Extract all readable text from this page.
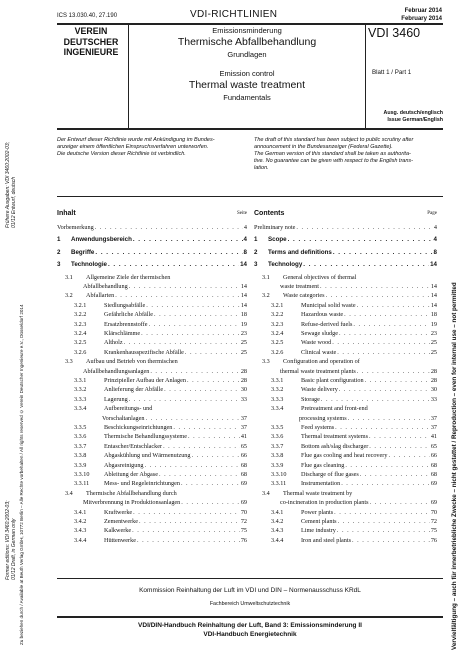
Frühere Ausgaben: VDI 3460:2002-03; 01/12 Entwurf, deutsch
Former editions: VDI 3460:2002-03; 01/12 Draft, in German only Zu beziehen durch / Available at Beuth Verlag GmbH, 10772 Berlin – Alle Rechte vorbehalten / All rights reserved © Verein Deutscher Ingenieure e.V., Düsseldorf 2014	Vervielfältigung – auch für innerbetriebliche Zwecke – nicht gestattet / Reproduction – even for internal use – not permitted
ICS 13.030.40, 27.190	VDI-RICHTLINIEN	Februar 2014
February 2014
VEREIN
DEUTSCHER
INGENIEURE
Emissionsminderung
Thermische Abfallbehandlung
Grundlagen
Emission control
Thermal waste treatment
Fundamentals
VDI 3460
Blatt 1 / Part 1
Ausg. deutsch/englisch
Issue German/English
Der Entwurf dieser Richtlinie wurde mit Ankündigung im Bundes-
anzeiger einem öffentlichen Einspruchsverfahren unterworfen.
Die deutsche Version dieser Richtlinie ist verbindlich.
The draft of this standard has been subject to public scrutiny after
announcement in the Bundesanzeiger (Federal Gazette).
The German version of this standard shall be taken as authorita-
tive. No guarantee can be given with respect to the English trans-
lation.
Inhalt	Seite Contents	Page
Vorbemerkung . . .	4
1	Anwendungsbereich . . .	4
2	Begriffe . . .	8
3	Technologie . . .	14
3.1	Allgemeine Ziele der thermischen
Abfallbehandlung . . .	14
3.2	Abfallarten . . .	14
3.2.1	Siedlungsabfälle . . .	14
3.2.2	Gefährliche Abfälle . . .	18
3.2.3	Ersatzbrennstoffe . . .	19
3.2.4	Klärschlämme . . .	23
3.2.5	Altholz . . .	25
3.2.6	Krankenhausspezifische Abfälle . . .	25
3.3	Aufbau und Betrieb von thermischen
Abfallbehandlungsanlagen . . .	28
3.3.1	Prinzipieller Aufbau der Anlagen . . .	28
3.3.2	Anlieferung der Abfälle . . .	30
3.3.3	Lagerung . . .	33
3.3.4	Aufbereitungs- und
Vorschaltanlagen . . .	37
3.3.5	Beschickungseinrichtungen . . .	37
3.3.6	Thermische Behandlungssysteme . . .	41
3.3.7	Entascher/Entschlacker . . .	65
3.3.8	Abgaskühlung und Wärmenutzung . . .	66
3.3.9	Abgasreinigung . . .	68
3.3.10	Ableitung der Abgase . . .	68
3.3.11	Mess- und Regeleinrichtungen . . .	69
3.4	Thermische Abfallbehandlung durch
Mitverbrennung in Produktionsanlagen . . .	69
3.4.1	Kraftwerke . . .	70
3.4.2	Zementwerke . . .	72
3.4.3	Kalkwerke . . .	75
3.4.4	Hüttenwerke . . .	76
Preliminary note . . .	4
1	Scope . . .	4
2	Terms and definitions . . .	8
3	Technology . . .	14
3.1	General objectives of thermal
waste treatment . . .	14
3.2	Waste categories . . .	14
3.2.1	Municipal solid waste . . .	14
3.2.2	Hazardous waste . . .	18
3.2.3	Refuse-derived fuels . . .	19
3.2.4	Sewage sludge . . .	23
3.2.5	Waste wood . . .	25
3.2.6	Clinical waste . . .	25
3.3	Configuration and operation of
thermal waste treatment plants . . .	28
3.3.1	Basic plant configuration . . .	28
3.3.2	Waste delivery . . .	30
3.3.3	Storage . . .	33
3.3.4	Pretreatment and front-end
processing systems . . .	37
3.3.5	Feed systems . . .	37
3.3.6	Thermal treatment systems . . .	41
3.3.7	Bottom ash/slag discharger . . .	65
3.3.8	Flue gas cooling and heat recovery . . .	66
3.3.9	Flue gas cleaning . . .	68
3.3.10	Discharge of flue gases . . .	68
3.3.11	Instrumentation . . .	69
3.4	Thermal waste treatment by
co-incineration in production plants . . .	69
3.4.1	Power plants . . .	70
3.4.2	Cement plants . . .	72
3.4.3	Lime industry . . .	75
3.4.4	Iron and steel plants . . .	76
Kommission Reinhaltung der Luft im VDI und DIN – Normenausschuss KRdL
Fachbereich Umweltschutztechnik
VDI/DIN-Handbuch Reinhaltung der Luft, Band 3: Emissionsminderung II
VDI-Handbuch Energietechnik
